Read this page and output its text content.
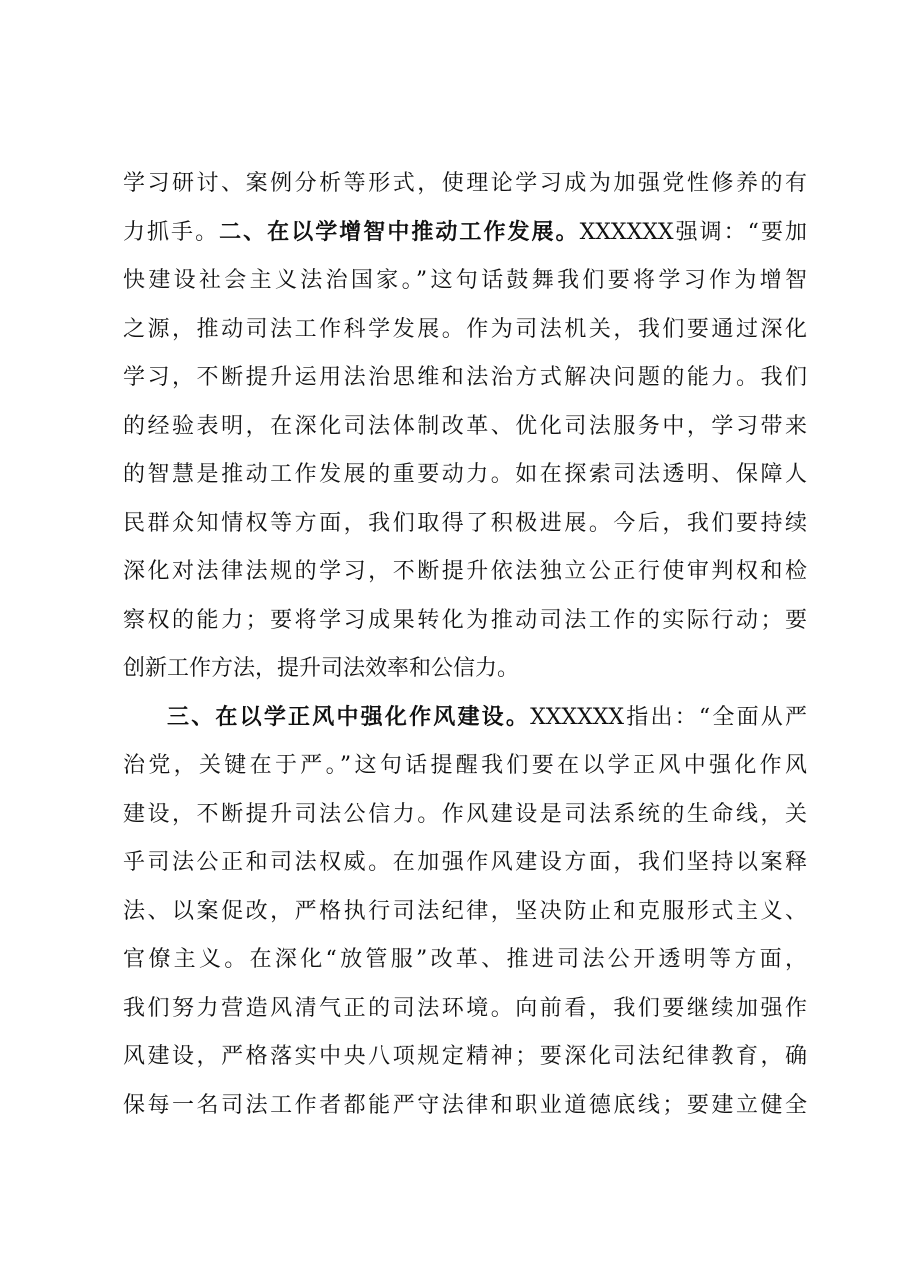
学习研讨、案例分析等形式，使理论学习成为加强党性修养的有
力抓手。二、在以学增智中推动工作发展。XXXXXX强调：“要加
快建设社会主义法治国家。”这句话鼓舞我们要将学习作为增智
之源，推动司法工作科学发展。作为司法机关，我们要通过深化
学习，不断提升运用法治思维和法治方式解决问题的能力。我们
的经验表明，在深化司法体制改革、优化司法服务中，学习带来
的智慧是推动工作发展的重要动力。如在探索司法透明、保障人
民群众知情权等方面，我们取得了积极进展。今后，我们要持续
深化对法律法规的学习，不断提升依法独立公正行使审判权和检
察权的能力；要将学习成果转化为推动司法工作的实际行动；要
创新工作方法，提升司法效率和公信力。
三、在以学正风中强化作风建设。XXXXXX指出：“全面从严
治党，关键在于严。”这句话提醒我们要在以学正风中强化作风
建设，不断提升司法公信力。作风建设是司法系统的生命线，关
乎司法公正和司法权威。在加强作风建设方面，我们坚持以案释
法、以案促改，严格执行司法纪律，坚决防止和克服形式主义、
官僚主义。在深化“放管服”改革、推进司法公开透明等方面，
我们努力营造风清气正的司法环境。向前看，我们要继续加强作
风建设，严格落实中央八项规定精神；要深化司法纪律教育，确
保每一名司法工作者都能严守法律和职业道德底线；要建立健全
